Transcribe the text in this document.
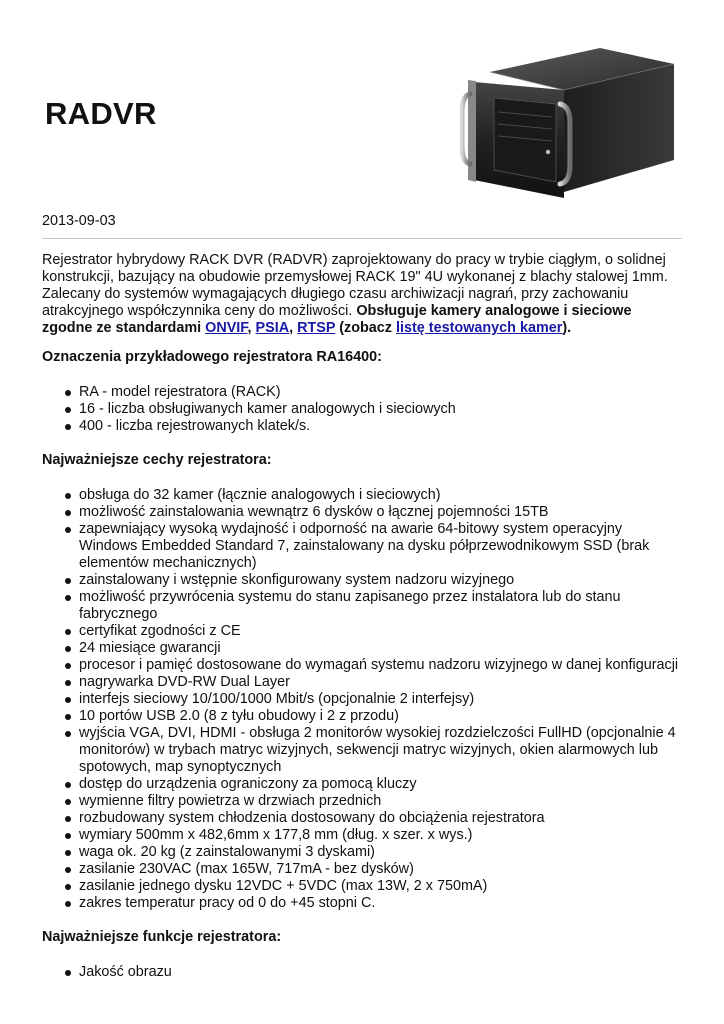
RADVR
2013-09-03

Rejestrator hybrydowy RACK DVR (RADVR) zaprojektowany do pracy w trybie ciągłym, o solidnej konstrukcji, bazujący na obudowie przemysłowej RACK 19" 4U wykonanej z blachy stalowej 1mm. Zalecany do systemów wymagających długiego czasu archiwizacji nagrań, przy zachowaniu atrakcyjnego współczynnika ceny do możliwości. Obsługuje kamery analogowe i sieciowe zgodne ze standardami ONVIF, PSIA, RTSP (zobacz listę testowanych kamer).

Oznaczenia przykładowego rejestratora RA16400:
RA - model rejestratora (RACK)
16 - liczba obsługiwanych kamer analogowych i sieciowych
400 - liczba rejestrowanych klatek/s.
Najważniejsze cechy rejestratora:
obsługa do 32 kamer (łącznie analogowych i sieciowych)
możliwość zainstalowania wewnątrz 6 dysków o łącznej pojemności 15TB
zapewniający wysoką wydajność i odporność na awarie 64-bitowy system operacyjny Windows Embedded Standard 7, zainstalowany na dysku półprzewodnikowym SSD (brak elementów mechanicznych)
zainstalowany i wstępnie skonfigurowany system nadzoru wizyjnego
możliwość przywrócenia systemu do stanu zapisanego przez instalatora lub do stanu fabrycznego
certyfikat zgodności z CE
24 miesiące gwarancji
procesor i pamięć dostosowane do wymagań systemu nadzoru wizyjnego w danej konfiguracji
nagrywarka DVD-RW Dual Layer
interfejs sieciowy 10/100/1000 Mbit/s (opcjonalnie 2 interfejsy)
10 portów USB 2.0 (8 z tyłu obudowy i 2 z przodu)
wyjścia VGA, DVI, HDMI - obsługa 2 monitorów wysokiej rozdzielczości FullHD (opcjonalnie 4 monitorów) w trybach matryc wizyjnych, sekwencji matryc wizyjnych, okien alarmowych lub spotowych, map synoptycznych
dostęp do urządzenia ograniczony za pomocą kluczy
wymienne filtry powietrza w drzwiach przednich
rozbudowany system chłodzenia dostosowany do obciążenia rejestratora
wymiary 500mm x 482,6mm x 177,8 mm (dług. x szer. x wys.)
waga ok. 20 kg (z zainstalowanymi 3 dyskami)
zasilanie 230VAC (max 165W, 717mA - bez dysków)
zasilanie jednego dysku 12VDC + 5VDC (max 13W, 2 x 750mA)
zakres temperatur pracy od 0 do +45 stopni C.
Najważniejsze funkcje rejestratora:
Jakość obrazu
